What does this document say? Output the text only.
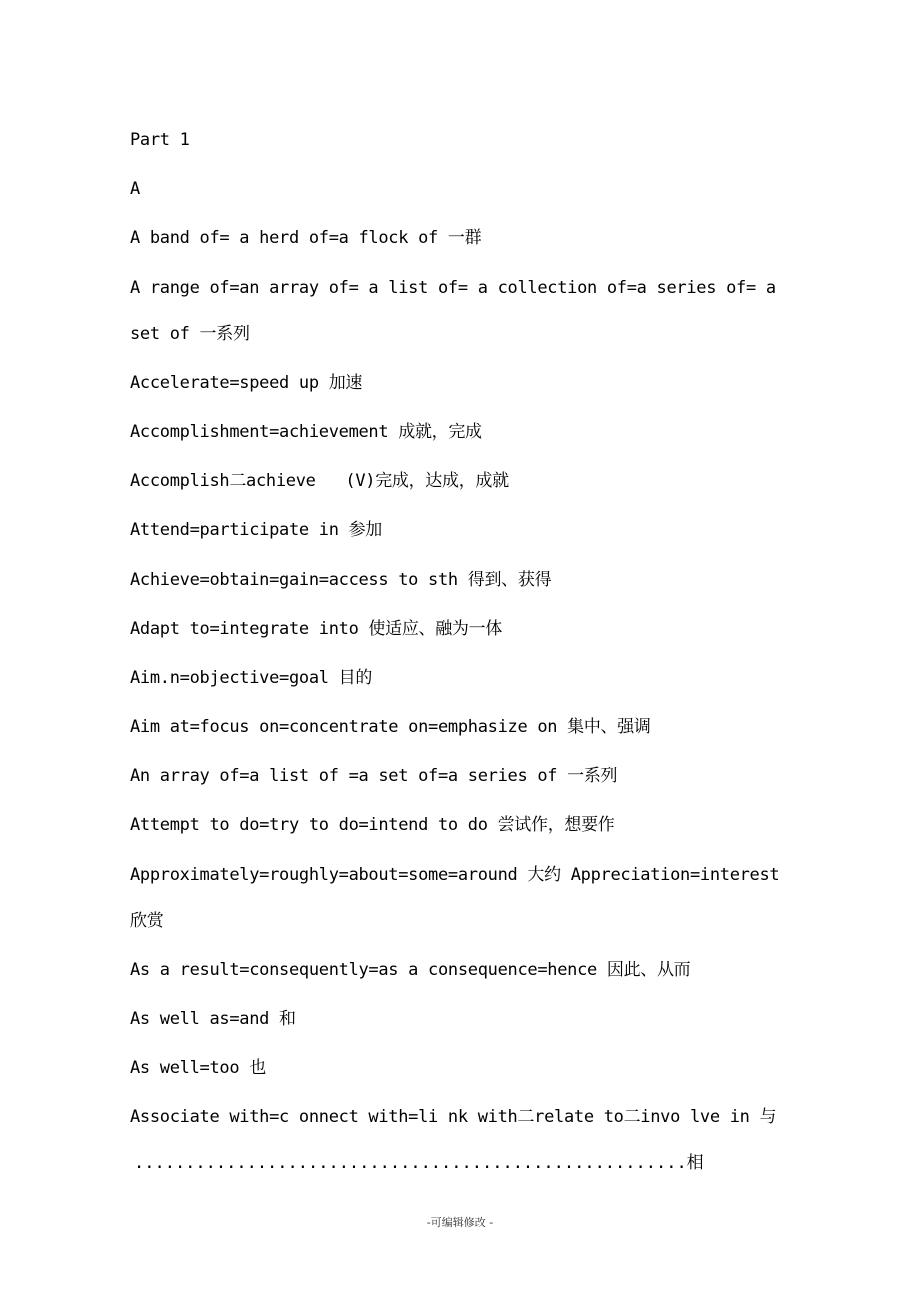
Part 1
A
A band of= a herd of=a flock of 一群
A range of=an array of= a list of= a collection of=a series of= a
set of 一系列
Accelerate=speed up 加速
Accomplishment=achievement 成就，完成
Accomplish二achieve   (V)完成，达成，成就
Attend=participate in 参加
Achieve=obtain=gain=access to sth 得到、获得
Adapt to=integrate into 使适应、融为一体
Aim.n=objective=goal 目的
Aim at=focus on=concentrate on=emphasize on 集中、强调
An array of=a list of =a set of=a series of 一系列
Attempt to do=try to do=intend to do 尝试作，想要作
Approximately=roughly=about=some=around 大约 Appreciation=interest
欣赏
As a result=consequently=as a consequence=hence 因此、从而
As well as=and 和
As well=too 也
Associate with=c onnect with=li nk with二relate to二invo lve in 与
......................................................相
-可编辑修改 -
